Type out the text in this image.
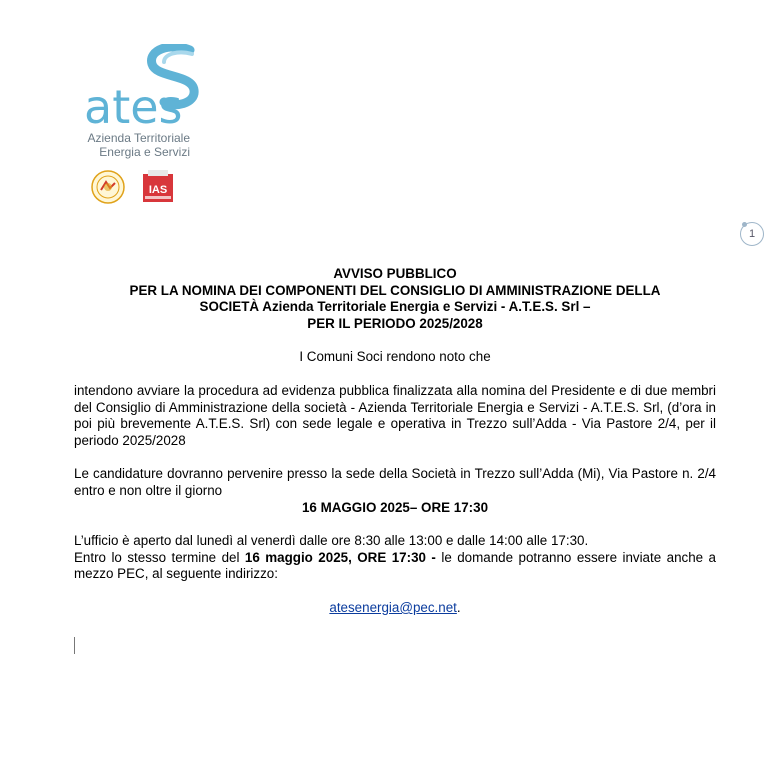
ates
Azienda Territoriale
Energia e Servizi
IAS
1
AVVISO PUBBLICO
PER LA NOMINA DEI COMPONENTI DEL CONSIGLIO DI AMMINISTRAZIONE DELLA
SOCIETÀ Azienda Territoriale Energia e Servizi - A.T.E.S. Srl –
PER IL PERIODO 2025/2028
I Comuni Soci rendono noto che
intendono avviare la procedura ad evidenza pubblica finalizzata alla nomina del Presidente e di due membri del Consiglio di Amministrazione della società - Azienda Territoriale Energia e Servizi - A.T.E.S. Srl, (d’ora in poi più brevemente A.T.E.S. Srl) con sede legale e operativa in Trezzo sull’Adda - Via Pastore 2/4, per il periodo 2025/2028
Le candidature dovranno pervenire presso la sede della Società in Trezzo sull’Adda (Mi), Via Pastore n. 2/4 entro e non oltre il giorno
16 MAGGIO 2025– ORE 17:30
L’ufficio è aperto dal lunedì al venerdì dalle ore 8:30 alle 13:00 e dalle 14:00 alle 17:30.
Entro lo stesso termine del 16 maggio 2025, ORE 17:30 - le domande potranno essere inviate anche a mezzo PEC, al seguente indirizzo:
atesenergia@pec.net.
